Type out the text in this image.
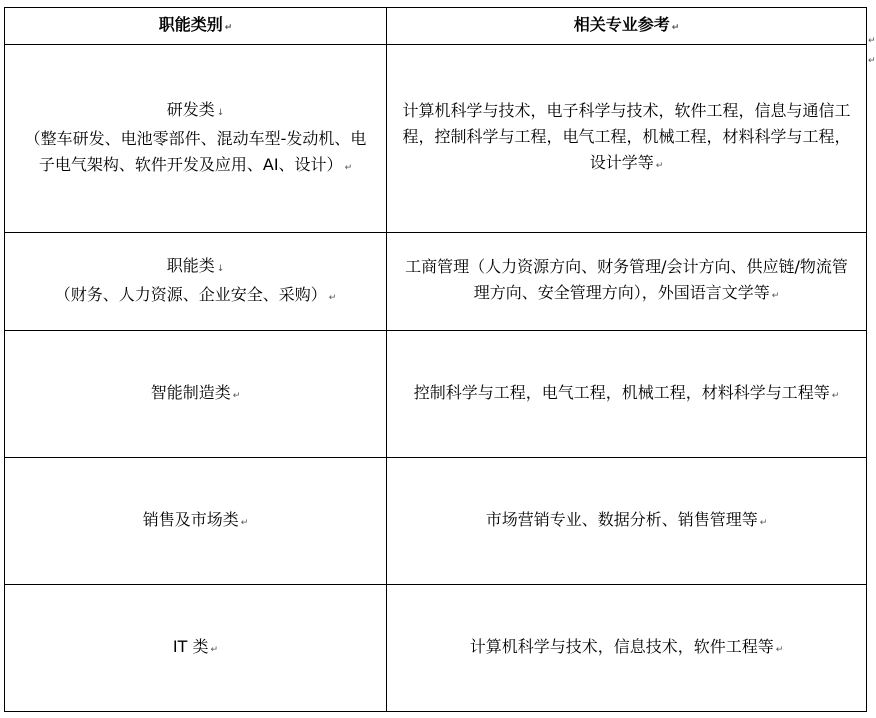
职能类别 ↵	相关专业参考 ↵

研发类 ↓
（整车研发、电池零部件、混动车型-发动机、电子电气架构、软件开发及应用、AI、设计） ↵	计算机科学与技术，电子科学与技术，软件工程，信息与通信工程，控制科学与工程，电气工程，机械工程，材料科学与工程，设计学等 ↵

职能类 ↓
（财务、人力资源、企业安全、采购） ↵	工商管理（人力资源方向、财务管理/会计方向、供应链/物流管理方向、安全管理方向），外国语言文学等 ↵
智能制造类 ↵	控制科学与工程，电气工程，机械工程，材料科学与工程等 ↵
销售及市场类 ↵	市场营销专业、数据分析、销售管理等 ↵
IT 类 ↵	计算机科学与技术，信息技术，软件工程等 ↵
↵
↵
